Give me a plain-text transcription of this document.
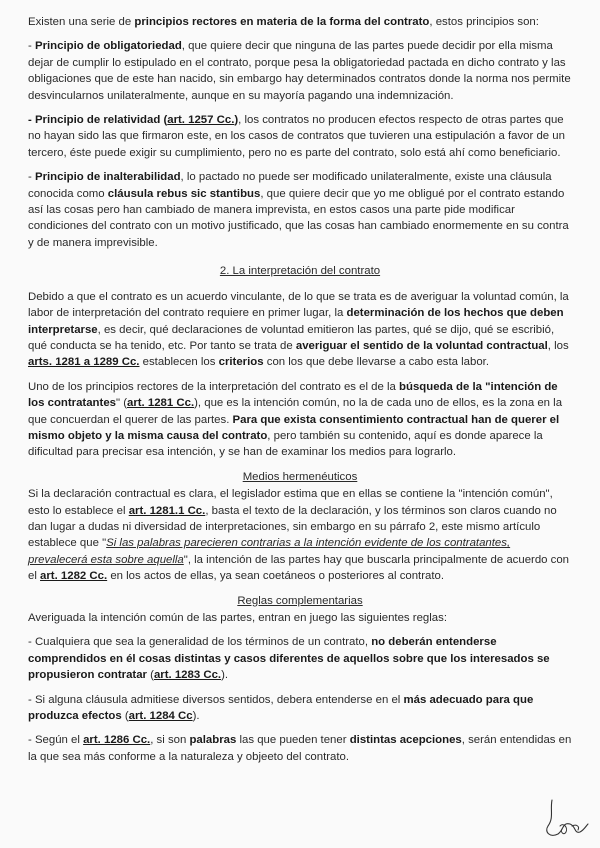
Existen una serie de principios rectores en materia de la forma del contrato, estos principios son:

- Principio de obligatoriedad, que quiere decir que ninguna de las partes puede decidir por ella misma dejar de cumplir lo estipulado en el contrato, porque pesa la obligatoriedad pactada en dicho contrato y las obligaciones que de este han nacido, sin embargo hay determinados contratos donde la norma nos permite desvincularnos unilateralmente, aunque en su mayoría pagando una indemnización.

- Principio de relatividad (art. 1257 Cc.), los contratos no producen efectos respecto de otras partes que no hayan sido las que firmaron este, en los casos de contratos que tuvieren una estipulación a favor de un tercero, éste puede exigir su cumplimiento, pero no es parte del contrato, solo está ahí como beneficiario.

- Principio de inalterabilidad, lo pactado no puede ser modificado unilateralmente, existe una cláusula conocida como cláusula rebus sic stantibus, que quiere decir que yo me obligué por el contrato estando así las cosas pero han cambiado de manera imprevista, en estos casos una parte pide modificar condiciones del contrato con un motivo justificado, que las cosas han cambiado enormemente en su contra y de manera imprevisible.

2. La interpretación del contrato

Debido a que el contrato es un acuerdo vinculante, de lo que se trata es de averiguar la voluntad común, la labor de interpretación del contrato requiere en primer lugar, la determinación de los hechos que deben interpretarse, es decir, qué declaraciones de voluntad emitieron las partes, qué se dijo, qué se escribió, qué conducta se ha tenido, etc. Por tanto se trata de averiguar el sentido de la voluntad contractual, los arts. 1281 a 1289 Cc. establecen los criterios con los que debe llevarse a cabo esta labor.

Uno de los principios rectores de la interpretación del contrato es el de la búsqueda de la "intención de los contratantes" (art. 1281 Cc.), que es la intención común, no la de cada uno de ellos, es la zona en la que concuerdan el querer de las partes. Para que exista consentimiento contractual han de querer el mismo objeto y la misma causa del contrato, pero también su contenido, aquí es donde aparece la dificultad para precisar esa intención, y se han de examinar los medios para lograrlo.

Medios hermenéuticos

Si la declaración contractual es clara, el legislador estima que en ellas se contiene la "intención común", esto lo establece el art. 1281.1 Cc., basta el texto de la declaración, y los términos son claros cuando no dan lugar a dudas ni diversidad de interpretaciones, sin embargo en su párrafo 2, este mismo artículo establece que "Si las palabras parecieren contrarias a la intención evidente de los contratantes, prevalecerá esta sobre aquella", la intención de las partes hay que buscarla principalmente de acuerdo con el art. 1282 Cc. en los actos de ellas, ya sean coetáneos o posteriores al contrato.

Reglas complementarias

Averiguada la intención común de las partes, entran en juego las siguientes reglas:

- Cualquiera que sea la generalidad de los términos de un contrato, no deberán entenderse comprendidos en él cosas distintas y casos diferentes de aquellos sobre que los interesados se propusieron contratar (art. 1283 Cc.).

- Si alguna cláusula admitiese diversos sentidos, debera entenderse en el más adecuado para que produzca efectos (art. 1284 Cc).

- Según el art. 1286 Cc., si son palabras las que pueden tener distintas acepciones, serán entendidas en la que sea más conforme a la naturaleza y objeeto del contrato.
